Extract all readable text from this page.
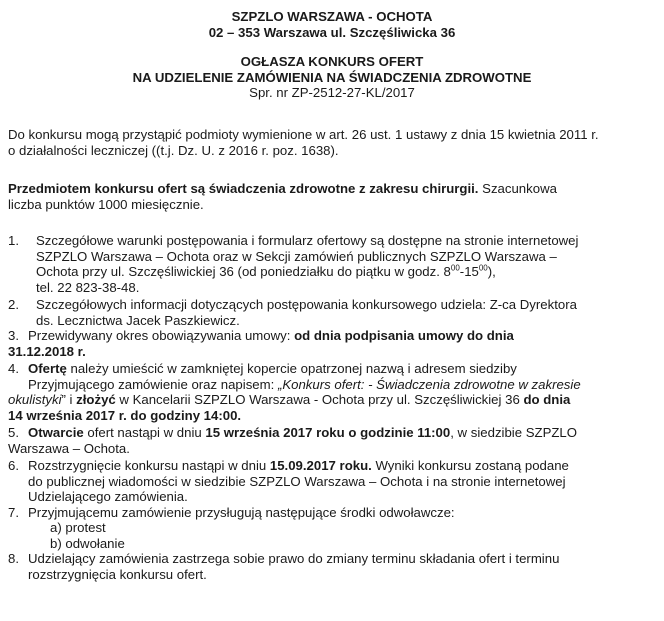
SZPZLO WARSZAWA - OCHOTA
02 – 353 Warszawa ul. Szczęśliwicka 36
OGŁASZA KONKURS OFERT
NA UDZIELENIE ZAMÓWIENIA NA ŚWIADCZENIA ZDROWOTNE
Spr. nr ZP-2512-27-KL/2017
Do konkursu mogą przystąpić podmioty wymienione w art. 26 ust. 1 ustawy z dnia 15 kwietnia 2011 r.
o działalności leczniczej ((t.j. Dz. U. z 2016 r. poz. 1638).
Przedmiotem konkursu ofert są świadczenia zdrowotne z zakresu chirurgii. Szacunkowa
liczba punktów 1000 miesięcznie.
1. Szczegółowe warunki postępowania i formularz ofertowy są dostępne na stronie internetowej
SZPZLO Warszawa – Ochota oraz w Sekcji zamówień publicznych SZPZLO Warszawa –
Ochota przy ul. Szczęśliwickiej 36 (od poniedziałku do piątku w godz. $8^{00}-15^{00}$),
tel. 22 823-38-48.
2. Szczegółowych informacji dotyczących postępowania konkursowego udziela: Z-ca Dyrektora
ds. Lecznictwa Jacek Paszkiewicz.
3. Przewidywany okres obowiązywania umowy: od dnia podpisania umowy do dnia
31.12.2018 r.
4. Ofertę należy umieścić w zamkniętej kopercie opatrzonej nazwą i adresem siedziby
Przyjmującego zamówienie oraz napisem: „Konkurs ofert: - Świadczenia zdrowotne w zakresie
okulistyki” i złożyć w Kancelarii SZPZLO Warszawa - Ochota przy ul. Szczęśliwickiej 36 do dnia
14 września 2017 r. do godziny 14:00.
5. Otwarcie ofert nastąpi w dniu 15 września 2017 roku o godzinie 11:00, w siedzibie SZPZLO
Warszawa – Ochota.
6. Rozstrzygnięcie konkursu nastąpi w dniu 15.09.2017 roku. Wyniki konkursu zostaną podane
do publicznej wiadomości w siedzibie SZPZLO Warszawa – Ochota i na stronie internetowej
Udzielającego zamówienia.
7. Przyjmującemu zamówienie przysługują następujące środki odwoławcze:
a) protest
b) odwołanie
8. Udzielający zamówienia zastrzega sobie prawo do zmiany terminu składania ofert i terminu
rozstrzygnięcia konkursu ofert.
